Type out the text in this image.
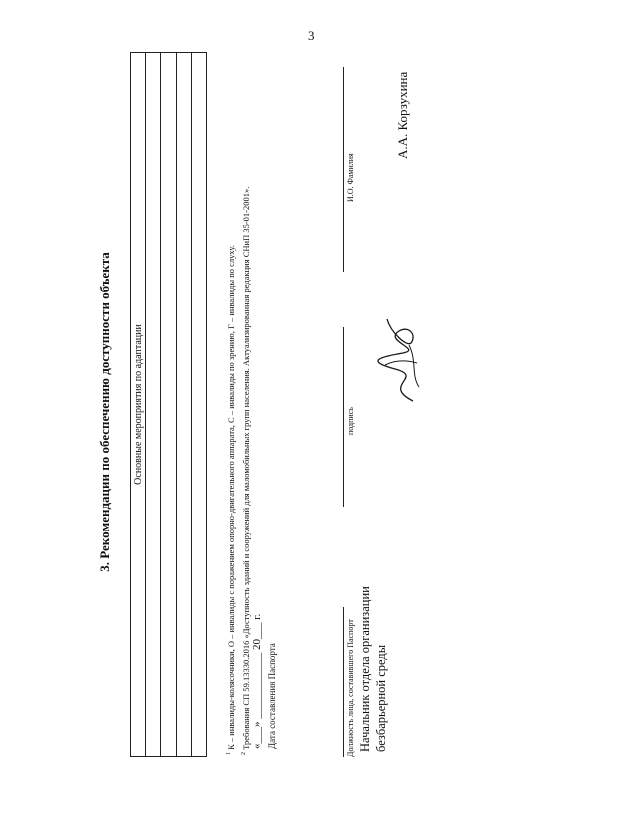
3
3. Рекомендации по обеспечению доступности объекта Основные мероприятия по адаптации

$^1$ К – инвалиды-колясочники, О – инвалиды с поражением опорно-двигательного аппарата, С – инвалиды по зрению, Г – инвалиды по слуху.
$^2$ Требования СП 59.13330.2016 «Доступность зданий и сооружений для маломобильных групп населения. Актуализированная редакция СНиП 35-01-2001». «___» ____________ 20___ г. Дата составления Паспорта	Должность лица, составившего Паспорт
подпись
И.О. Фамилия
Начальник отдела организации безбарьерной среды
А.А. Корзухина
